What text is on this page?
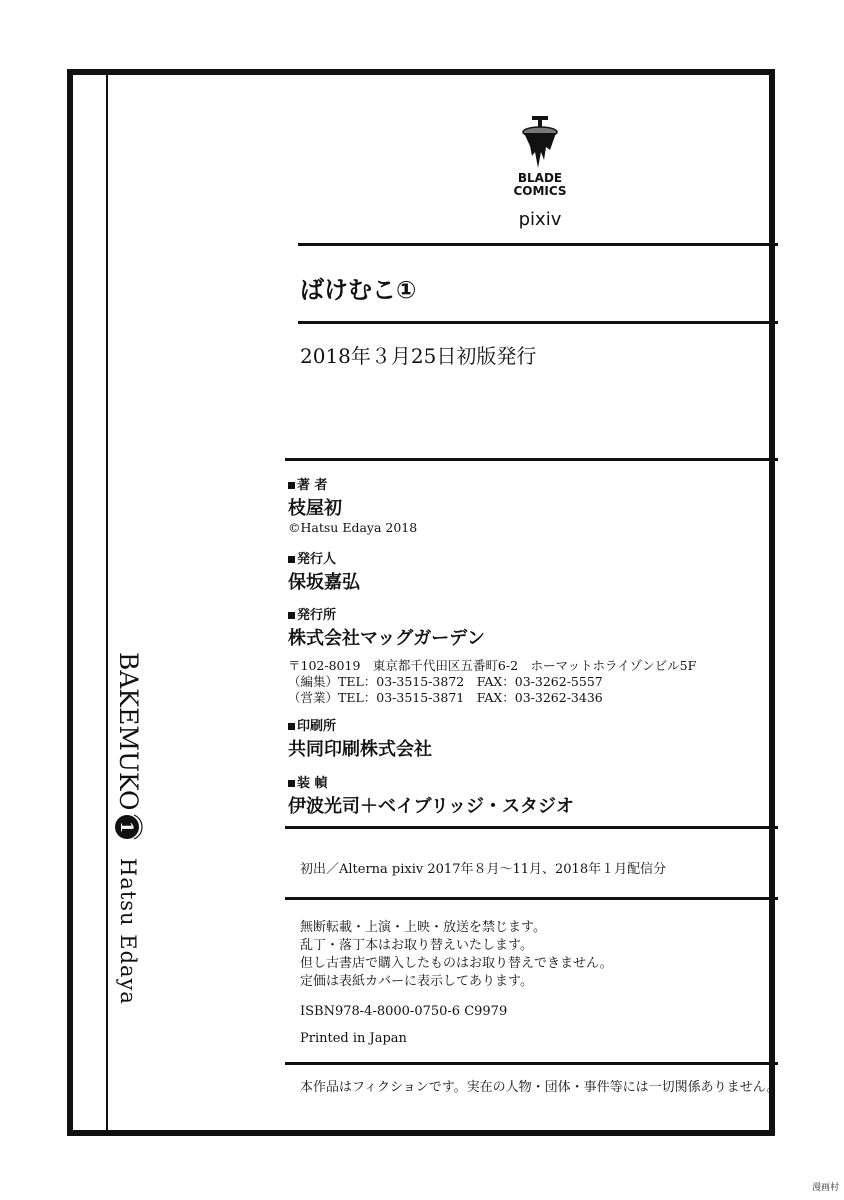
BAKEMUKO
Hatsu Edaya
1
BLADE
COMICS
pixiv
ばけむこ①
2018年３月25日初版発行
著 者
枝屋初
©Hatsu Edaya 2018
発行人
保坂嘉弘
発行所
株式会社マッグガーデン
〒102-8019　東京都千代田区五番町6-2　ホーマットホライゾンビル5F
（編集）TEL：03-3515-3872　FAX：03-3262-5557
（営業）TEL：03-3515-3871　FAX：03-3262-3436
印刷所
共同印刷株式会社
装 幀
伊波光司＋ベイブリッジ・スタジオ
初出／Alterna pixiv 2017年８月～11月、2018年１月配信分
無断転載・上演・上映・放送を禁じます。
乱丁・落丁本はお取り替えいたします。
但し古書店で購入したものはお取り替えできません。
定価は表紙カバーに表示してあります。
ISBN978-4-8000-0750-6 C9979
Printed in Japan
本作品はフィクションです。実在の人物・団体・事件等には一切関係ありません。
漫画村
